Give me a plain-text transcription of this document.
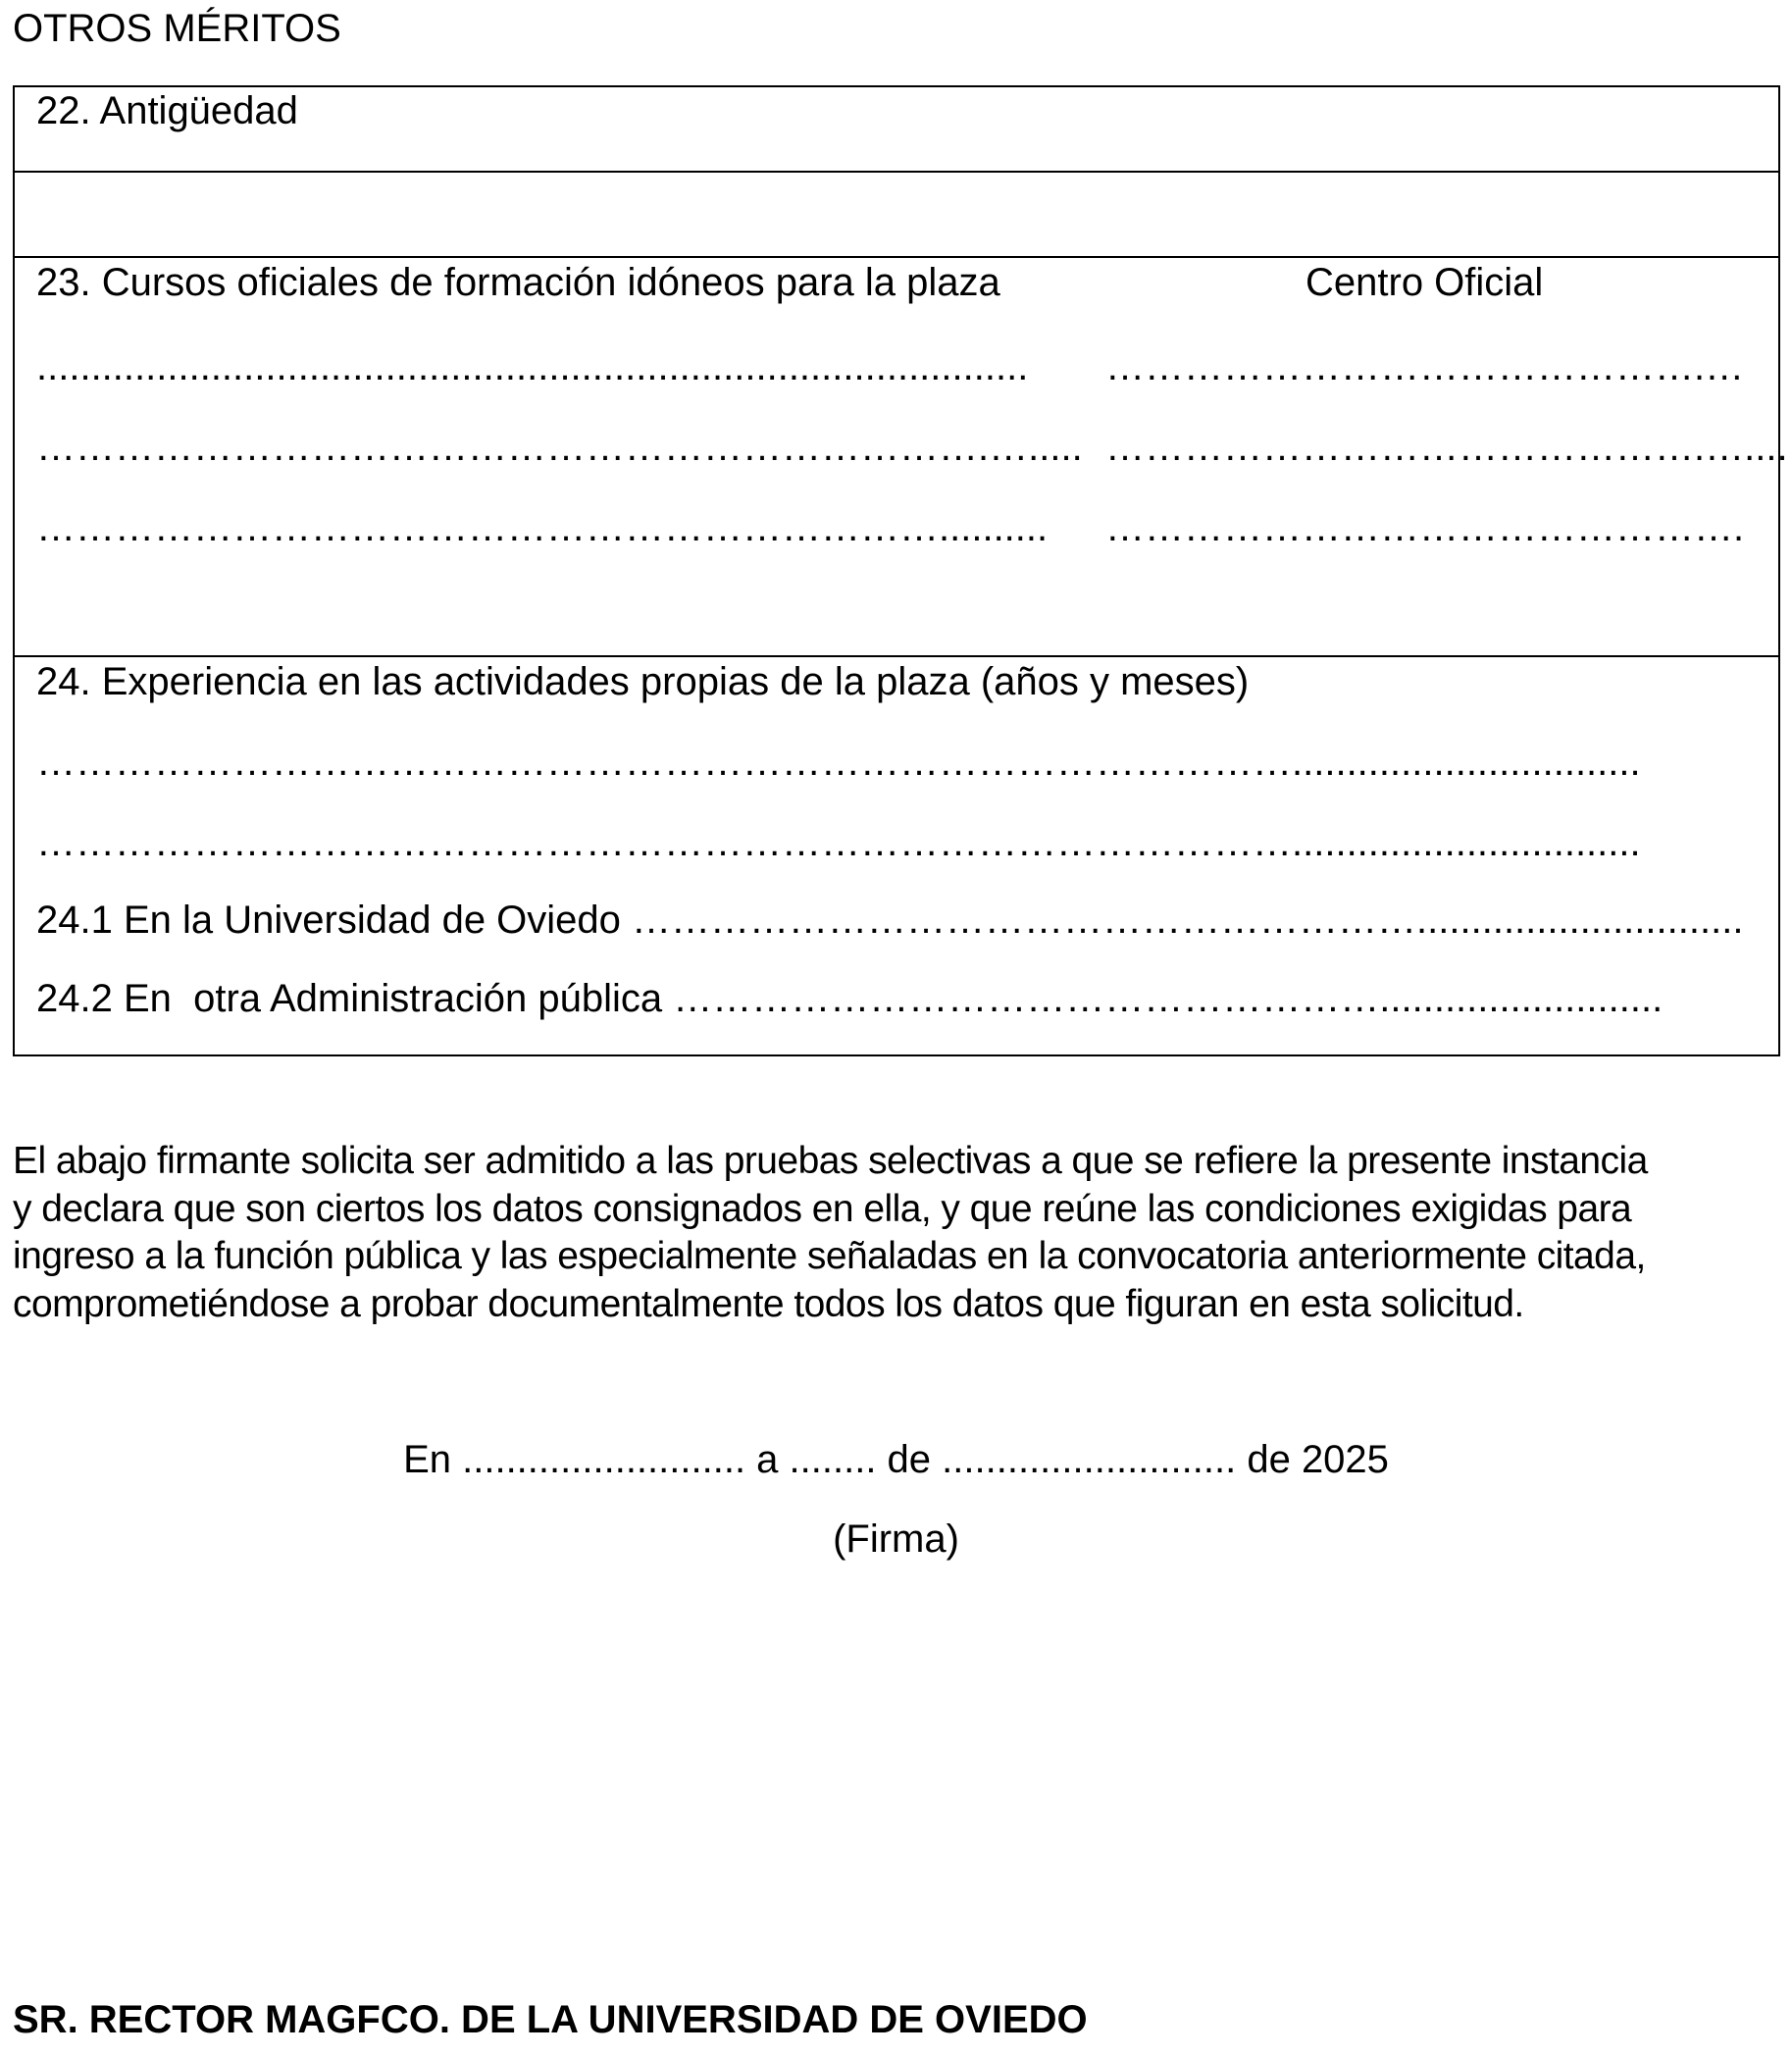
OTROS MÉRITOS
22. Antigüedad
23. Cursos oficiales de formación idóneos para la plaza	Centro Oficial
........................................................................................... ……………………………………….…
……………………………………………………………….…..... ……………………………………….…....
…………………………………………………………….......... ………………………………………….
24. Experiencia en las actividades propias de la plaza (años y meses)
……………………………………………………………………………………................................
……………………………………………………………………………………................................
24.1 En la Universidad de Oviedo ……………………………………………………..............................
24.2 En  otra Administración pública ………………………………………………..........................
El abajo firmante solicita ser admitido a las pruebas selectivas a que se refiere la presente instancia
y declara que son ciertos los datos consignados en ella, y que reúne las condiciones exigidas para
ingreso a la función pública y las especialmente señaladas en la convocatoria anteriormente citada,
comprometiéndose a probar documentalmente todos los datos que figuran en esta solicitud.
En .......................... a ........ de ........................... de 2025
(Firma)
SR. RECTOR MAGFCO. DE LA UNIVERSIDAD DE OVIEDO
